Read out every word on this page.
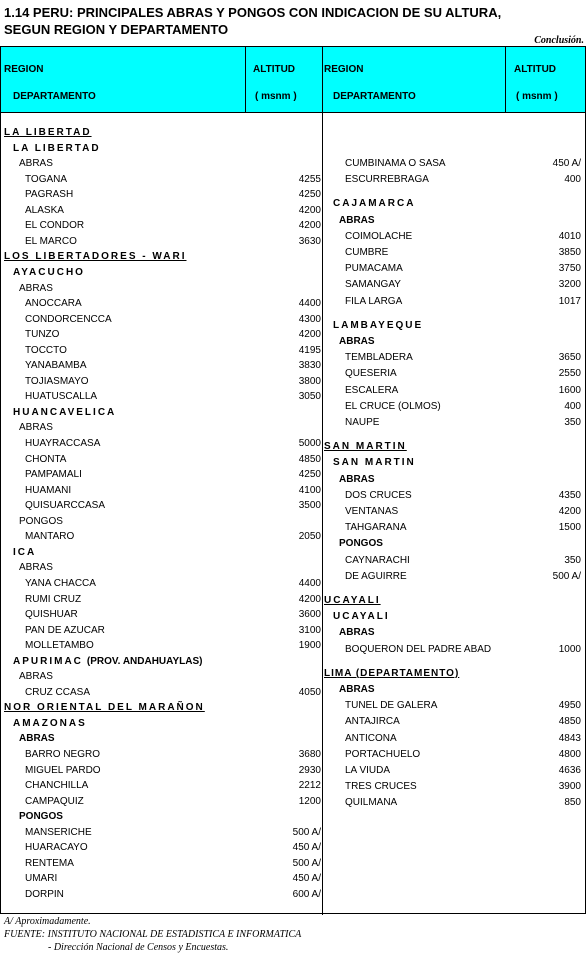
1.14 PERU: PRINCIPALES ABRAS Y PONGOS CON INDICACION DE SU ALTURA,
SEGUN REGION Y DEPARTAMENTO
Conclusión.
REGION
DEPARTAMENTO
ALTITUD
( msnm )
REGION
DEPARTAMENTO
ALTITUD
( msnm )
LA LIBERTAD
LA LIBERTAD
ABRAS
TOGANA	4255
PAGRASH	4250
ALASKA	4200
EL CONDOR	4200
EL MARCO	3630
LOS LIBERTADORES - WARI
AYACUCHO
ABRAS
ANOCCARA	4400
CONDORCENCCA	4300
TUNZO	4200
TOCCTO	4195
YANABAMBA	3830
TOJIASMAYO	3800
HUATUSCALLA	3050
HUANCAVELICA
ABRAS
HUAYRACCASA	5000
CHONTA	4850
PAMPAMALI	4250
HUAMANI	4100
QUISUARCCASA	3500
PONGOS
MANTARO	2050
ICA
ABRAS
YANA CHACCA	4400
RUMI CRUZ	4200
QUISHUAR	3600
PAN DE AZUCAR	3100
MOLLETAMBO	1900
APURIMAC (PROV. ANDAHUAYLAS)
ABRAS
CRUZ CCASA	4050
NOR ORIENTAL DEL MARAÑON
AMAZONAS
ABRAS
BARRO NEGRO	3680
MIGUEL PARDO	2930
CHANCHILLA	2212
CAMPAQUIZ	1200
PONGOS
MANSERICHE	500 A/
HUARACAYO	450 A/
RENTEMA	500 A/
UMARI	450 A/
DORPIN	600 A/
CUMBINAMA O SASA	450 A/
ESCURREBRAGA	400
CAJAMARCA
ABRAS
COIMOLACHE	4010
CUMBRE	3850
PUMACAMA	3750
SAMANGAY	3200
FILA LARGA	1017
LAMBAYEQUE
ABRAS
TEMBLADERA	3650
QUESERIA	2550
ESCALERA	1600
EL CRUCE (OLMOS)	400
NAUPE	350
SAN MARTIN
SAN MARTIN
ABRAS
DOS CRUCES	4350
VENTANAS	4200
TAHGARANA	1500
PONGOS
CAYNARACHI	350
DE AGUIRRE	500 A/
UCAYALI
UCAYALI
ABRAS
BOQUERON DEL PADRE ABAD	1000
LIMA (DEPARTAMENTO)
ABRAS
TUNEL DE GALERA	4950
ANTAJIRCA	4850
ANTICONA	4843
PORTACHUELO	4800
LA VIUDA	4636
TRES CRUCES	3900
QUILMANA	850
A/ Aproximadamente.
FUENTE: INSTITUTO NACIONAL DE ESTADISTICA E INFORMATICA
- Dirección Nacional de Censos y Encuestas.
